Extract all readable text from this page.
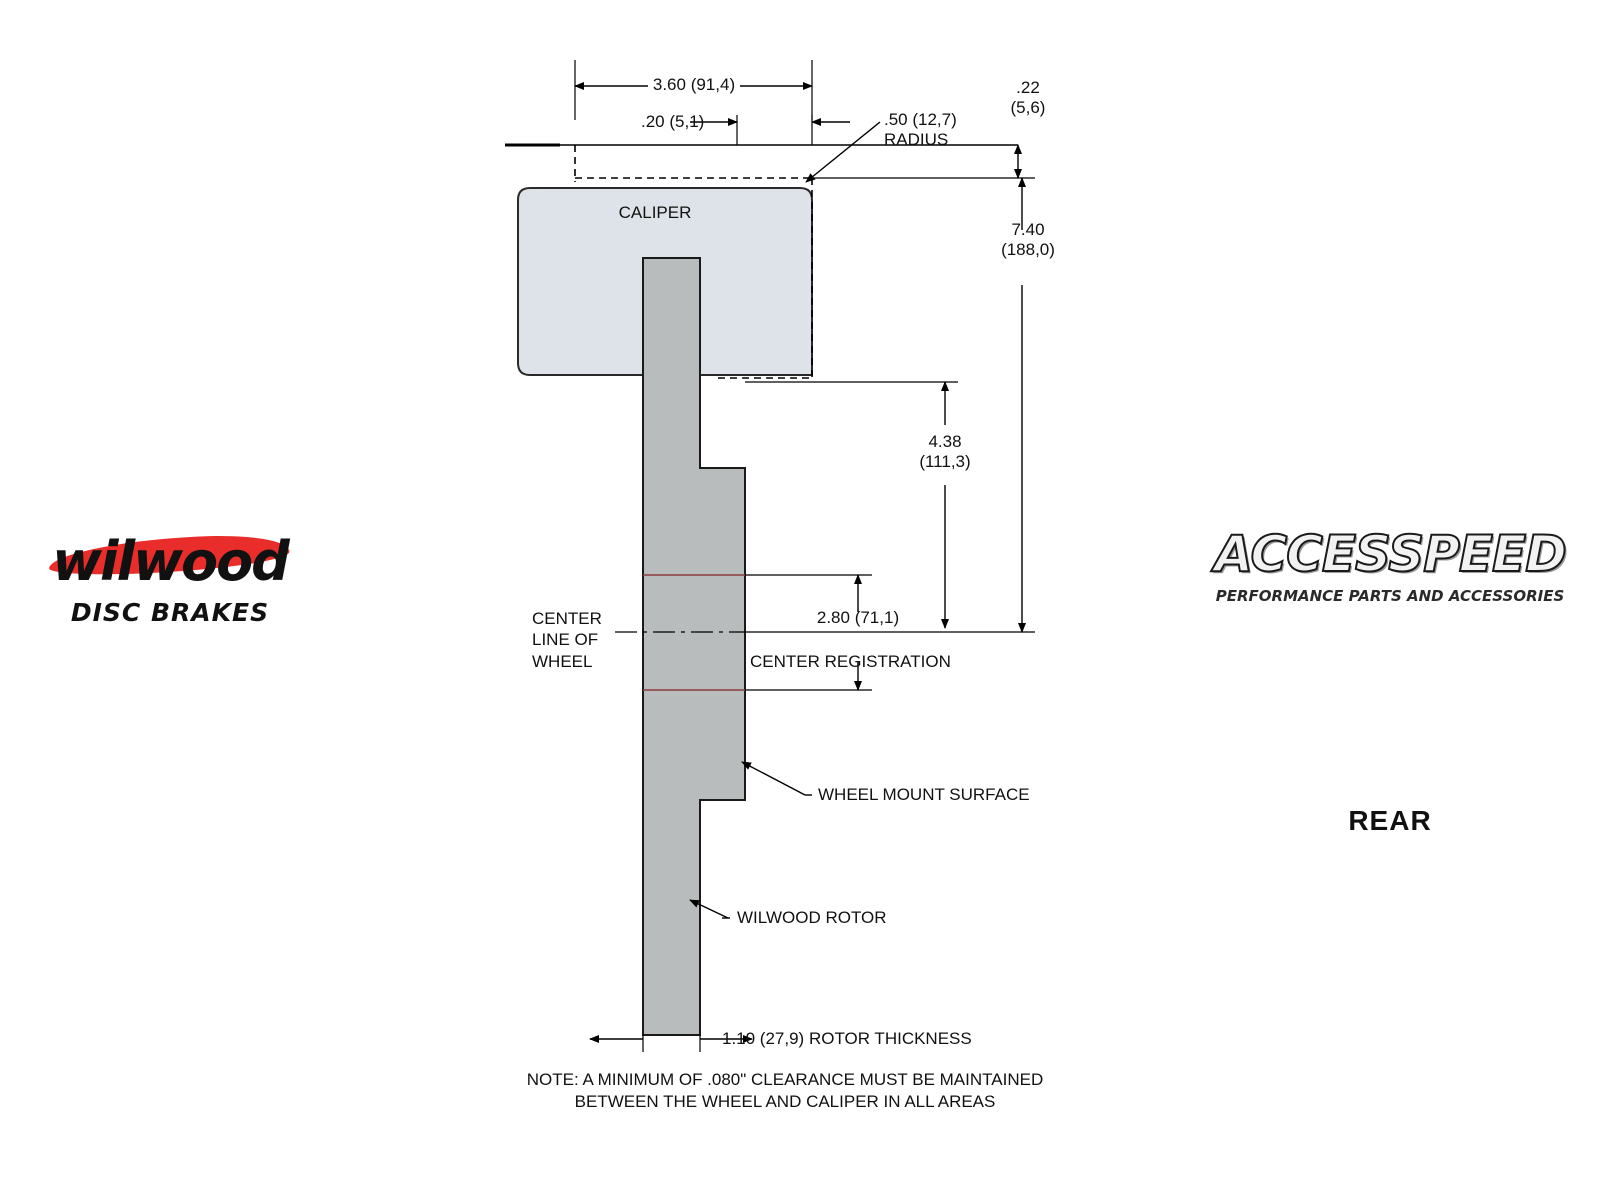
3.60 (91,4)
.20 (5,1)	.50 (12,7)
RADIUS
.22
(5,6)
7.40
(188,0)
4.38
(111,3)
2.80 (71,1)
CENTER REGISTRATION
CALIPER
CENTER
LINE OF
WHEEL
WHEEL MOUNT SURFACE
WILWOOD ROTOR
1.10 (27,9) ROTOR THICKNESS
NOTE: A MINIMUM OF .080" CLEARANCE MUST BE MAINTAINED
BETWEEN THE WHEEL AND CALIPER IN ALL AREAS
wilwood
DISC BRAKES
ACCESSPEED
PERFORMANCE PARTS AND ACCESSORIES
REAR
